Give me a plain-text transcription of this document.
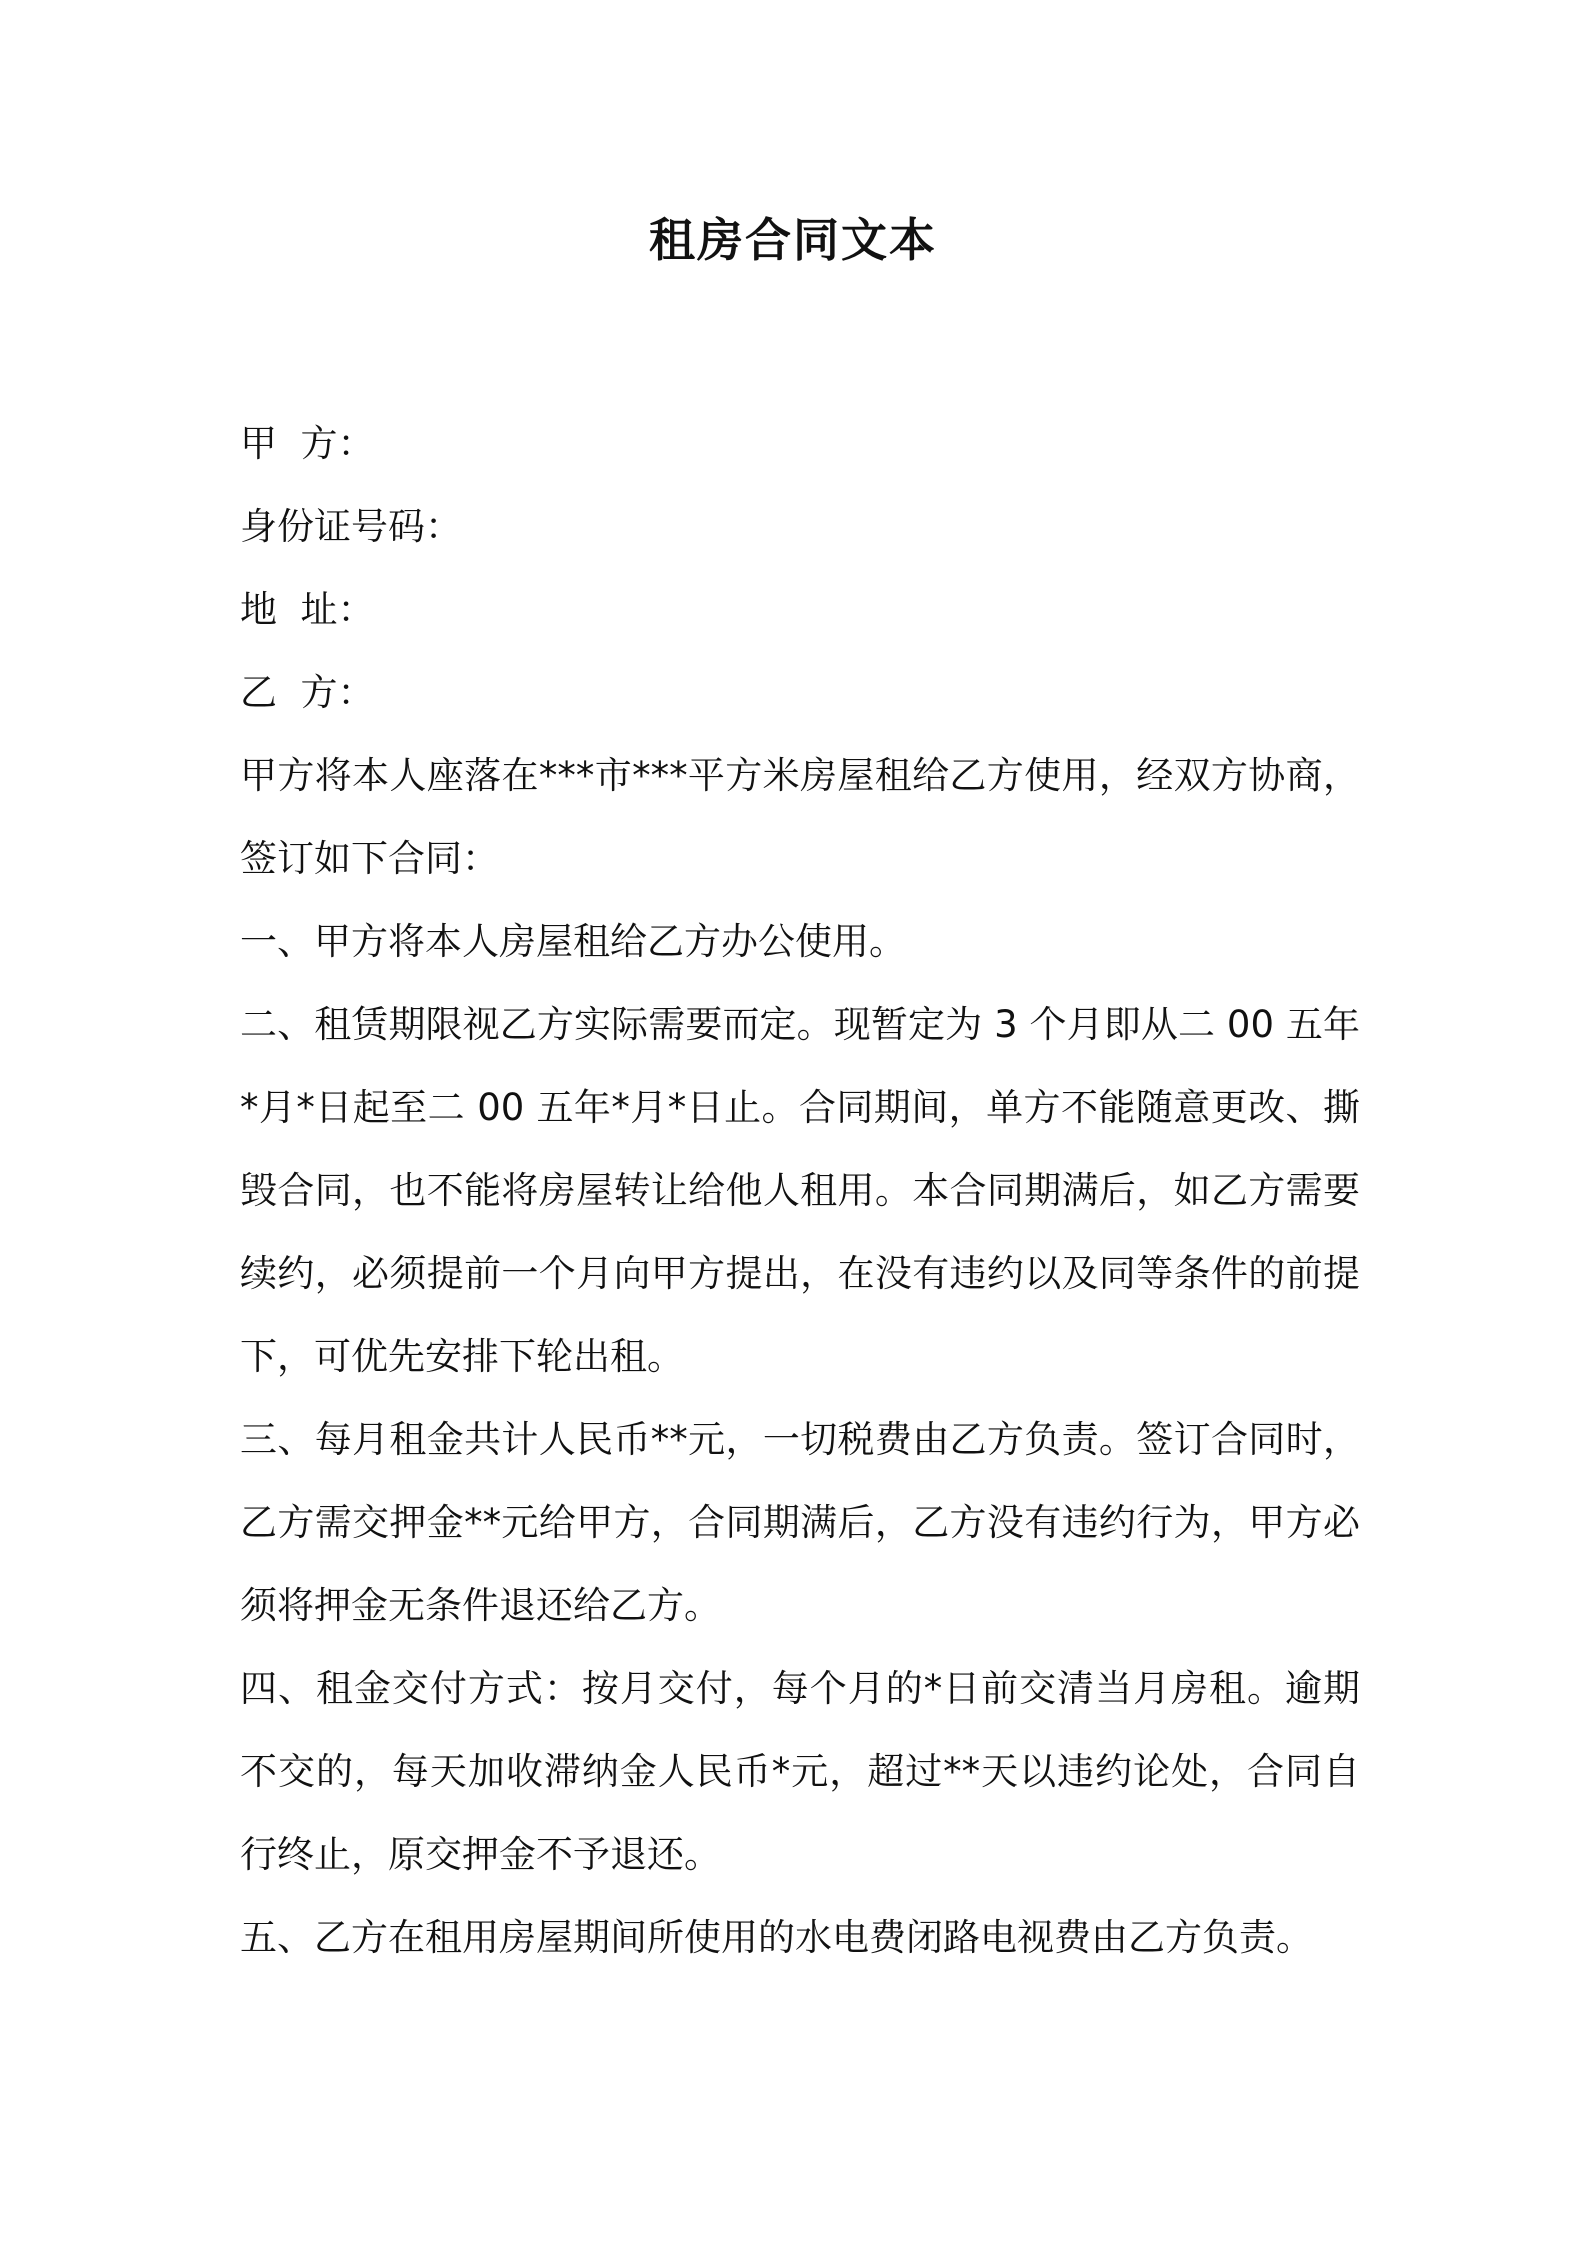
租房合同文本

甲  方：

身份证号码：

地  址：

乙  方：

甲方将本人座落在***市***平方米房屋租给乙方使用，经双方协商，签订如下合同：

一、甲方将本人房屋租给乙方办公使用。

二、租赁期限视乙方实际需要而定。现暂定为 3 个月即从二 00 五年*月*日起至二 00 五年*月*日止。合同期间，单方不能随意更改、撕毁合同，也不能将房屋转让给他人租用。本合同期满后，如乙方需要续约，必须提前一个月向甲方提出，在没有违约以及同等条件的前提下，可优先安排下轮出租。

三、每月租金共计人民币**元，一切税费由乙方负责。签订合同时，乙方需交押金**元给甲方，合同期满后，乙方没有违约行为，甲方必须将押金无条件退还给乙方。

四、租金交付方式：按月交付，每个月的*日前交清当月房租。逾期不交的，每天加收滞纳金人民币*元，超过**天以违约论处，合同自行终止，原交押金不予退还。

五、乙方在租用房屋期间所使用的水电费闭路电视费由乙方负责。
